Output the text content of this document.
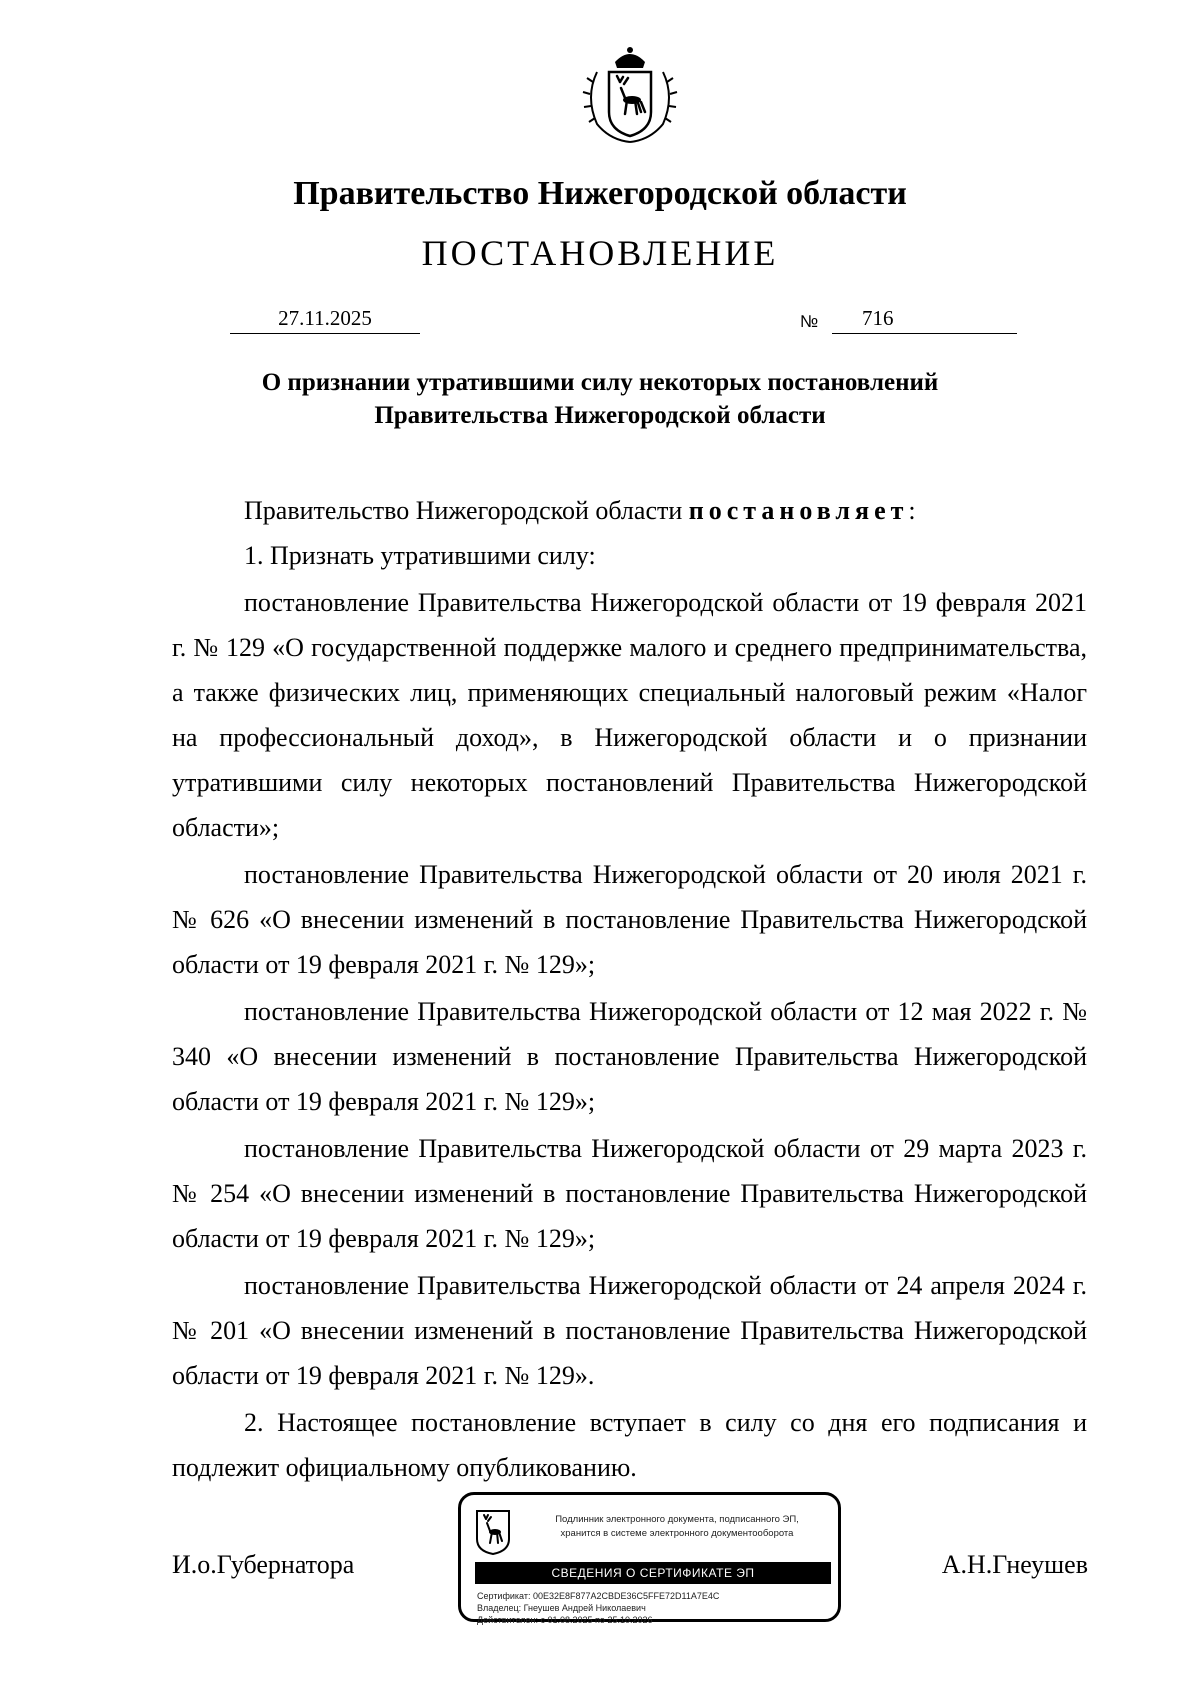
Правительство Нижегородской области
ПОСТАНОВЛЕНИЕ
27.11.2025	№	716
О признании утратившими силу некоторых постановлений
Правительства Нижегородской области

Правительство Нижегородской области постановляет:

1. Признать утратившими силу:

постановление Правительства Нижегородской области от 19 февраля 2021 г. № 129 «О государственной поддержке малого и среднего предпринимательства, а также физических лиц, применяющих специальный налоговый режим «Налог на профессиональный доход», в Нижегородской области и о признании утратившими силу некоторых постановлений Правительства Нижегородской области»;

постановление Правительства Нижегородской области от 20 июля 2021 г. № 626 «О внесении изменений в постановление Правительства Нижегородской области от 19 февраля 2021 г. № 129»;

постановление Правительства Нижегородской области от 12 мая 2022 г. № 340 «О внесении изменений в постановление Правительства Нижегородской области от 19 февраля 2021 г. № 129»;

постановление Правительства Нижегородской области от 29 марта 2023 г. № 254 «О внесении изменений в постановление Правительства Нижегородской области от 19 февраля 2021 г. № 129»;

постановление Правительства Нижегородской области от 24 апреля 2024 г. № 201 «О внесении изменений в постановление Правительства Нижегородской области от 19 февраля 2021 г. № 129».

2. Настоящее постановление вступает в силу со дня его подписания и подлежит официальному опубликованию.

И.о.Губернатора
Подлинник электронного документа, подписанного ЭП,
хранится в системе электронного документооборота
СВЕДЕНИЯ О СЕРТИФИКАТЕ ЭП
Сертификат: 00E32E8F877A2CBDE36C5FFE72D11A7E4C
Владелец: Гнеушев Андрей Николаевич
Действителен: с 01.08.2025 по 25.10.2026
А.Н.Гнеушев
